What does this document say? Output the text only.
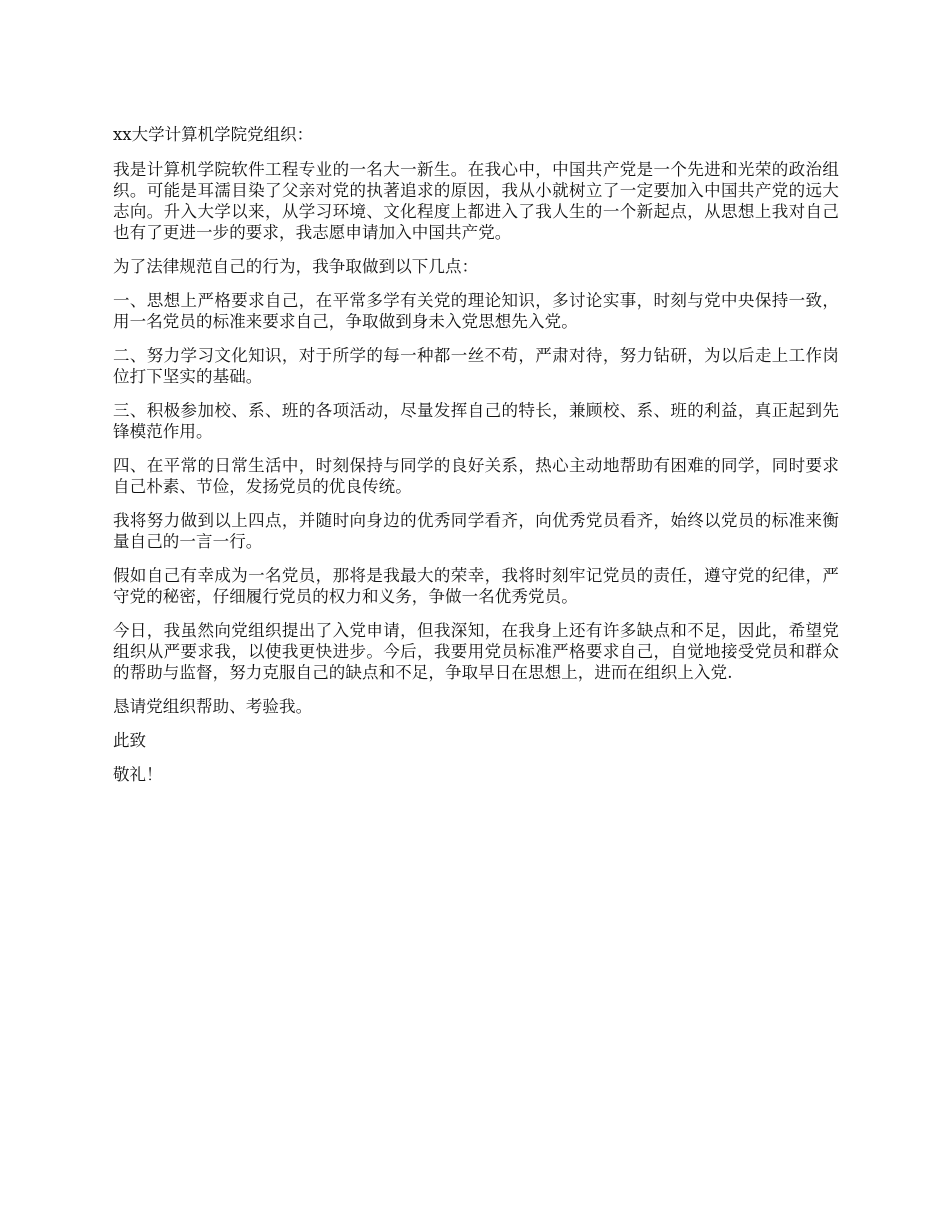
xx大学计算机学院党组织：

我是计算机学院软件工程专业的一名大一新生。在我心中，中国共产党是一个先进和光荣的政治组织。可能是耳濡目染了父亲对党的执著追求的原因，我从小就树立了一定要加入中国共产党的远大志向。升入大学以来，从学习环境、文化程度上都进入了我人生的一个新起点，从思想上我对自己也有了更进一步的要求，我志愿申请加入中国共产党。

为了法律规范自己的行为，我争取做到以下几点：

一、思想上严格要求自己，在平常多学有关党的理论知识，多讨论实事，时刻与党中央保持一致，用一名党员的标准来要求自己，争取做到身未入党思想先入党。

二、努力学习文化知识，对于所学的每一种都一丝不苟，严肃对待，努力钻研，为以后走上工作岗位打下坚实的基础。

三、积极参加校、系、班的各项活动，尽量发挥自己的特长，兼顾校、系、班的利益，真正起到先锋模范作用。

四、在平常的日常生活中，时刻保持与同学的良好关系，热心主动地帮助有困难的同学，同时要求自己朴素、节俭，发扬党员的优良传统。

我将努力做到以上四点，并随时向身边的优秀同学看齐，向优秀党员看齐，始终以党员的标准来衡量自己的一言一行。

假如自己有幸成为一名党员，那将是我最大的荣幸，我将时刻牢记党员的责任，遵守党的纪律，严守党的秘密，仔细履行党员的权力和义务，争做一名优秀党员。

今日，我虽然向党组织提出了入党申请，但我深知，在我身上还有许多缺点和不足，因此，希望党组织从严要求我，以使我更快进步。今后，我要用党员标准严格要求自己，自觉地接受党员和群众的帮助与监督，努力克服自己的缺点和不足，争取早日在思想上，进而在组织上入党.

恳请党组织帮助、考验我。

此致

敬礼！
